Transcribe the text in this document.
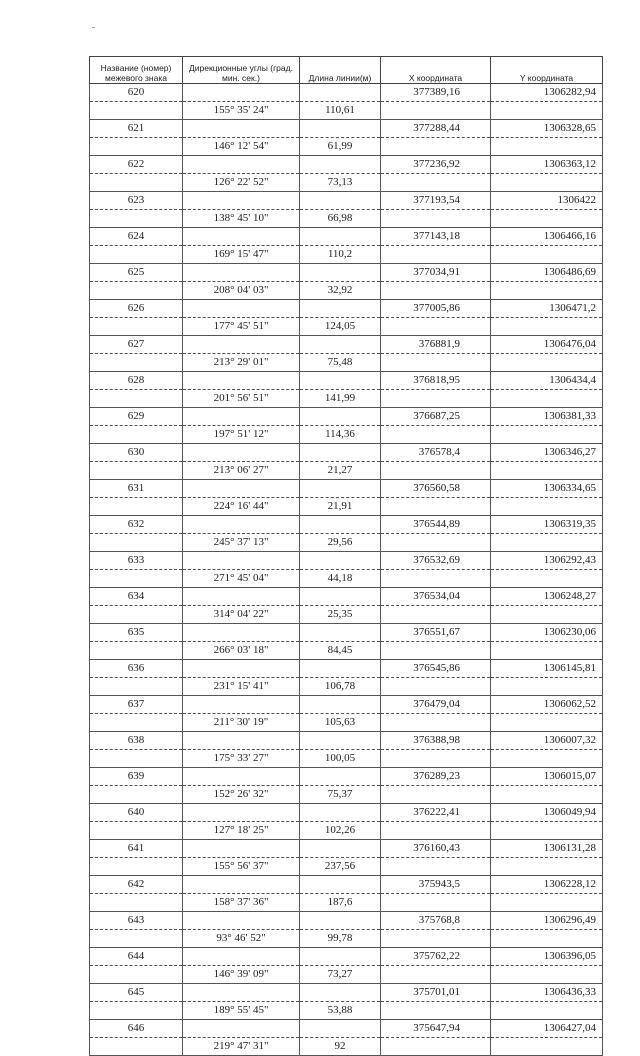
Название (номер) межевого знака	Дирекционные углы (град. мин. сек.)	Длина линии(м)	X координата	Y координата
620			377389,16	1306282,94
	155° 35' 24"	110,61		
621			377288,44	1306328,65
	146° 12' 54"	61,99		
622			377236,92	1306363,12
	126° 22' 52"	73,13		
623			377193,54	1306422
	138° 45' 10"	66,98		
624			377143,18	1306466,16
	169° 15' 47"	110,2		
625			377034,91	1306486,69
	208° 04' 03"	32,92		
626			377005,86	1306471,2
	177° 45' 51"	124,05		
627			376881,9	1306476,04
	213° 29' 01"	75,48		
628			376818,95	1306434,4
	201° 56' 51"	141,99		
629			376687,25	1306381,33
	197° 51' 12"	114,36		
630			376578,4	1306346,27
	213° 06' 27"	21,27		
631			376560,58	1306334,65
	224° 16' 44"	21,91		
632			376544,89	1306319,35
	245° 37' 13"	29,56		
633			376532,69	1306292,43
	271° 45' 04"	44,18		
634			376534,04	1306248,27
	314° 04' 22"	25,35		
635			376551,67	1306230,06
	266° 03' 18"	84,45		
636			376545,86	1306145,81
	231° 15' 41"	106,78		
637			376479,04	1306062,52
	211° 30' 19"	105,63		
638			376388,98	1306007,32
	175° 33' 27"	100,05		
639			376289,23	1306015,07
	152° 26' 32"	75,37		
640			376222,41	1306049,94
	127° 18' 25"	102,26		
641			376160,43	1306131,28
	155° 56' 37"	237,56		
642			375943,5	1306228,12
	158° 37' 36"	187,6		
643			375768,8	1306296,49
	93° 46' 52"	99,78		
644			375762,22	1306396,05
	146° 39' 09"	73,27		
645			375701,01	1306436,33
	189° 55' 45"	53,88		
646			375647,94	1306427,04
	219° 47' 31"	92		
